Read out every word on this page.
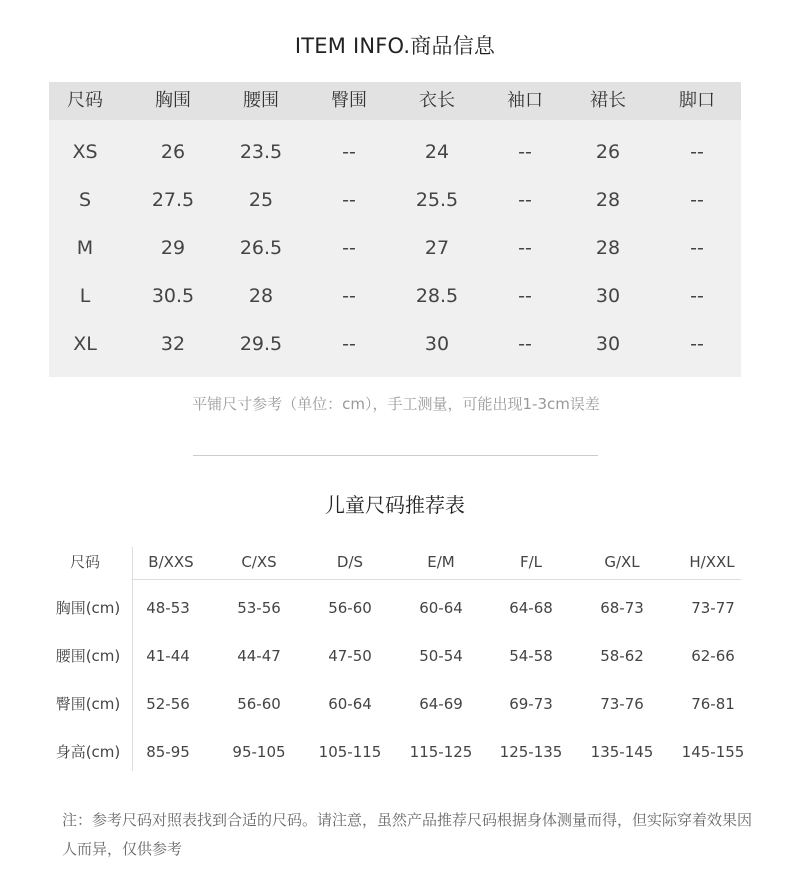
ITEM INFO.商品信息
尺码	胸围	腰围	臀围	衣长	袖口	裙长	脚口
XS	26	23.5	--	24	--	26	--
S	27.5	25	--	25.5	--	28	--
M	29	26.5	--	27	--	28	--
L	30.5	28	--	28.5	--	30	--
XL	32	29.5	--	30	--	30	--
平铺尺寸参考（单位：cm），手工测量，可能出现1-3cm误差
儿童尺码推荐表
尺码	B/XXS	C/XS	D/S	E/M	F/L	G/XL	H/XXL
胸围(cm)	48-53	53-56	56-60	60-64	64-68	68-73	73-77
腰围(cm)	41-44	44-47	47-50	50-54	54-58	58-62	62-66
臀围(cm)	52-56	56-60	60-64	64-69	69-73	73-76	76-81
身高(cm)	85-95	95-105	105-115	115-125	125-135	135-145	145-155
注：参考尺码对照表找到合适的尺码。请注意，虽然产品推荐尺码根据身体测量而得，但实际穿着效果因人而异，仅供参考
